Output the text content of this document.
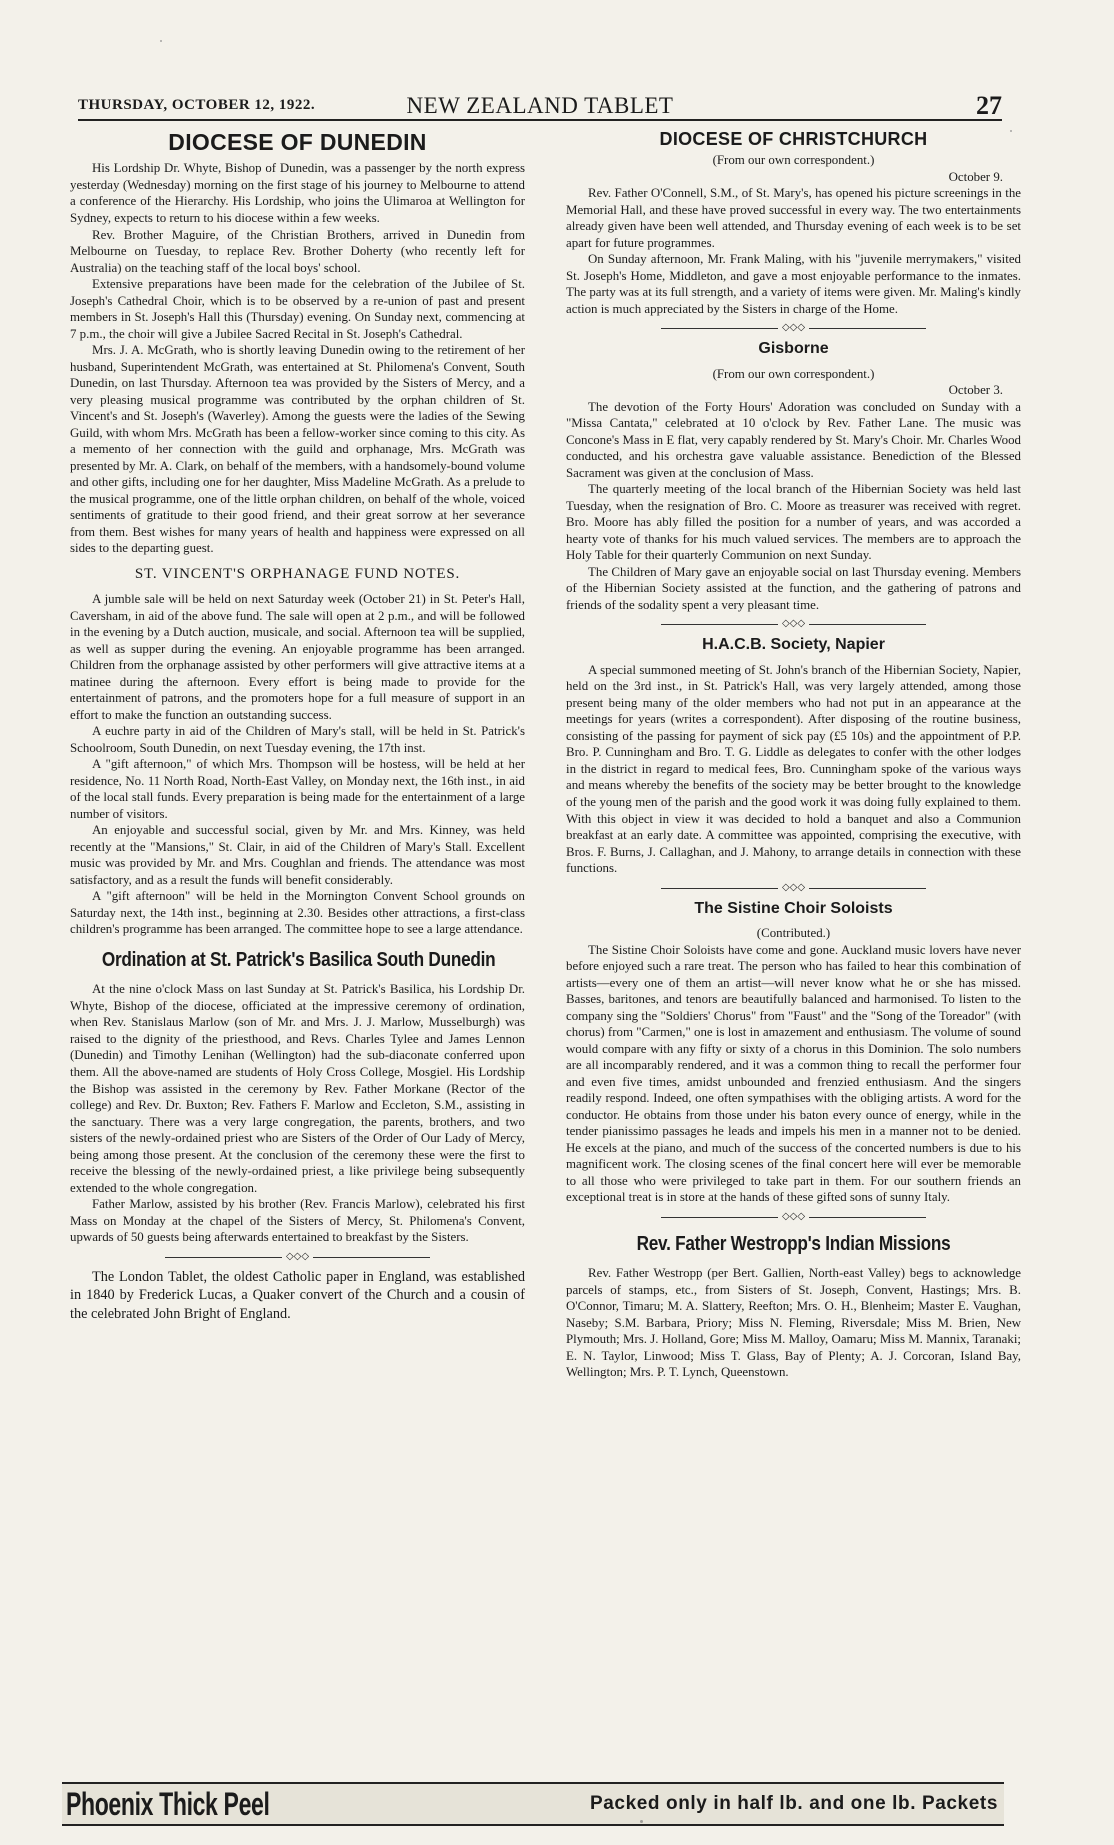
THURSDAY, OCTOBER 12, 1922.	NEW ZEALAND TABLET	27
DIOCESE OF DUNEDIN

His Lordship Dr. Whyte, Bishop of Dunedin, was a passenger by the north express yesterday (Wednesday) morning on the first stage of his journey to Melbourne to attend a conference of the Hierarchy. His Lordship, who joins the Ulimaroa at Wellington for Sydney, expects to return to his diocese within a few weeks.

Rev. Brother Maguire, of the Christian Brothers, arrived in Dunedin from Melbourne on Tuesday, to replace Rev. Brother Doherty (who recently left for Australia) on the teaching staff of the local boys' school.

Extensive preparations have been made for the celebration of the Jubilee of St. Joseph's Cathedral Choir, which is to be observed by a re-union of past and present members in St. Joseph's Hall this (Thursday) evening. On Sunday next, commencing at 7 p.m., the choir will give a Jubilee Sacred Recital in St. Joseph's Cathedral.

Mrs. J. A. McGrath, who is shortly leaving Dunedin owing to the retirement of her husband, Superintendent McGrath, was entertained at St. Philomena's Convent, South Dunedin, on last Thursday. Afternoon tea was provided by the Sisters of Mercy, and a very pleasing musical programme was contributed by the orphan children of St. Vincent's and St. Joseph's (Waverley). Among the guests were the ladies of the Sewing Guild, with whom Mrs. McGrath has been a fellow-worker since coming to this city. As a memento of her connection with the guild and orphanage, Mrs. McGrath was presented by Mr. A. Clark, on behalf of the members, with a handsomely-bound volume and other gifts, including one for her daughter, Miss Madeline McGrath. As a prelude to the musical programme, one of the little orphan children, on behalf of the whole, voiced sentiments of gratitude to their good friend, and their great sorrow at her severance from them. Best wishes for many years of health and happiness were expressed on all sides to the departing guest.

ST. VINCENT'S ORPHANAGE FUND NOTES.

A jumble sale will be held on next Saturday week (October 21) in St. Peter's Hall, Caversham, in aid of the above fund. The sale will open at 2 p.m., and will be followed in the evening by a Dutch auction, musicale, and social. Afternoon tea will be supplied, as well as supper during the evening. An enjoyable programme has been arranged. Children from the orphanage assisted by other performers will give attractive items at a matinee during the afternoon. Every effort is being made to provide for the entertainment of patrons, and the promoters hope for a full measure of support in an effort to make the function an outstanding success.

A euchre party in aid of the Children of Mary's stall, will be held in St. Patrick's Schoolroom, South Dunedin, on next Tuesday evening, the 17th inst.

A "gift afternoon," of which Mrs. Thompson will be hostess, will be held at her residence, No. 11 North Road, North-East Valley, on Monday next, the 16th inst., in aid of the local stall funds. Every preparation is being made for the entertainment of a large number of visitors.

An enjoyable and successful social, given by Mr. and Mrs. Kinney, was held recently at the "Mansions," St. Clair, in aid of the Children of Mary's Stall. Excellent music was provided by Mr. and Mrs. Coughlan and friends. The attendance was most satisfactory, and as a result the funds will benefit considerably.

A "gift afternoon" will be held in the Mornington Convent School grounds on Saturday next, the 14th inst., beginning at 2.30. Besides other attractions, a first-class children's programme has been arranged. The committee hope to see a large attendance.

Ordination at St. Patrick's Basilica South Dunedin

At the nine o'clock Mass on last Sunday at St. Patrick's Basilica, his Lordship Dr. Whyte, Bishop of the diocese, officiated at the impressive ceremony of ordination, when Rev. Stanislaus Marlow (son of Mr. and Mrs. J. J. Marlow, Musselburgh) was raised to the dignity of the priesthood, and Revs. Charles Tylee and James Lennon (Dunedin) and Timothy Lenihan (Wellington) had the sub-diaconate conferred upon them. All the above-named are students of Holy Cross College, Mosgiel. His Lordship the Bishop was assisted in the ceremony by Rev. Father Morkane (Rector of the college) and Rev. Dr. Buxton; Rev. Fathers F. Marlow and Eccleton, S.M., assisting in the sanctuary. There was a very large congregation, the parents, brothers, and two sisters of the newly-ordained priest who are Sisters of the Order of Our Lady of Mercy, being among those present. At the conclusion of the ceremony these were the first to receive the blessing of the newly-ordained priest, a like privilege being subsequently extended to the whole congregation.

Father Marlow, assisted by his brother (Rev. Francis Marlow), celebrated his first Mass on Monday at the chapel of the Sisters of Mercy, St. Philomena's Convent, upwards of 50 guests being afterwards entertained to breakfast by the Sisters.

◇◇◇

The London Tablet, the oldest Catholic paper in England, was established in 1840 by Frederick Lucas, a Quaker convert of the Church and a cousin of the celebrated John Bright of England.

DIOCESE OF CHRISTCHURCH

(From our own correspondent.)

October 9.

Rev. Father O'Connell, S.M., of St. Mary's, has opened his picture screenings in the Memorial Hall, and these have proved successful in every way. The two entertainments already given have been well attended, and Thursday evening of each week is to be set apart for future programmes.

On Sunday afternoon, Mr. Frank Maling, with his "juvenile merrymakers," visited St. Joseph's Home, Middleton, and gave a most enjoyable performance to the inmates. The party was at its full strength, and a variety of items were given. Mr. Maling's kindly action is much appreciated by the Sisters in charge of the Home.

◇◇◇
Gisborne

(From our own correspondent.)

October 3.

The devotion of the Forty Hours' Adoration was concluded on Sunday with a "Missa Cantata," celebrated at 10 o'clock by Rev. Father Lane. The music was Concone's Mass in E flat, very capably rendered by St. Mary's Choir. Mr. Charles Wood conducted, and his orchestra gave valuable assistance. Benediction of the Blessed Sacrament was given at the conclusion of Mass.

The quarterly meeting of the local branch of the Hibernian Society was held last Tuesday, when the resignation of Bro. C. Moore as treasurer was received with regret. Bro. Moore has ably filled the position for a number of years, and was accorded a hearty vote of thanks for his much valued services. The members are to approach the Holy Table for their quarterly Communion on next Sunday.

The Children of Mary gave an enjoyable social on last Thursday evening. Members of the Hibernian Society assisted at the function, and the gathering of patrons and friends of the sodality spent a very pleasant time.

◇◇◇
H.A.C.B. Society, Napier

A special summoned meeting of St. John's branch of the Hibernian Society, Napier, held on the 3rd inst., in St. Patrick's Hall, was very largely attended, among those present being many of the older members who had not put in an appearance at the meetings for years (writes a correspondent). After disposing of the routine business, consisting of the passing for payment of sick pay (£5 10s) and the appointment of P.P. Bro. P. Cunningham and Bro. T. G. Liddle as delegates to confer with the other lodges in the district in regard to medical fees, Bro. Cunningham spoke of the various ways and means whereby the benefits of the society may be better brought to the knowledge of the young men of the parish and the good work it was doing fully explained to them. With this object in view it was decided to hold a banquet and also a Communion breakfast at an early date. A committee was appointed, comprising the executive, with Bros. F. Burns, J. Callaghan, and J. Mahony, to arrange details in connection with these functions.

◇◇◇
The Sistine Choir Soloists

(Contributed.)

The Sistine Choir Soloists have come and gone. Auckland music lovers have never before enjoyed such a rare treat. The person who has failed to hear this combination of artists—every one of them an artist—will never know what he or she has missed. Basses, baritones, and tenors are beautifully balanced and harmonised. To listen to the company sing the "Soldiers' Chorus" from "Faust" and the "Song of the Toreador" (with chorus) from "Carmen," one is lost in amazement and enthusiasm. The volume of sound would compare with any fifty or sixty of a chorus in this Dominion. The solo numbers are all incomparably rendered, and it was a common thing to recall the performer four and even five times, amidst unbounded and frenzied enthusiasm. And the singers readily respond. Indeed, one often sympathises with the obliging artists. A word for the conductor. He obtains from those under his baton every ounce of energy, while in the tender pianissimo passages he leads and impels his men in a manner not to be denied. He excels at the piano, and much of the success of the concerted numbers is due to his magnificent work. The closing scenes of the final concert here will ever be memorable to all those who were privileged to take part in them. For our southern friends an exceptional treat is in store at the hands of these gifted sons of sunny Italy.

◇◇◇
Rev. Father Westropp's Indian Missions

Rev. Father Westropp (per Bert. Gallien, North-east Valley) begs to acknowledge parcels of stamps, etc., from Sisters of St. Joseph, Convent, Hastings; Mrs. B. O'Connor, Timaru; M. A. Slattery, Reefton; Mrs. O. H., Blenheim; Master E. Vaughan, Naseby; S.M. Barbara, Priory; Miss N. Fleming, Riversdale; Miss M. Brien, New Plymouth; Mrs. J. Holland, Gore; Miss M. Malloy, Oamaru; Miss M. Mannix, Taranaki; E. N. Taylor, Linwood; Miss T. Glass, Bay of Plenty; A. J. Corcoran, Island Bay, Wellington; Mrs. P. T. Lynch, Queenstown.

Phoenix Thick Peel	Packed only in half lb. and one lb. Packets
